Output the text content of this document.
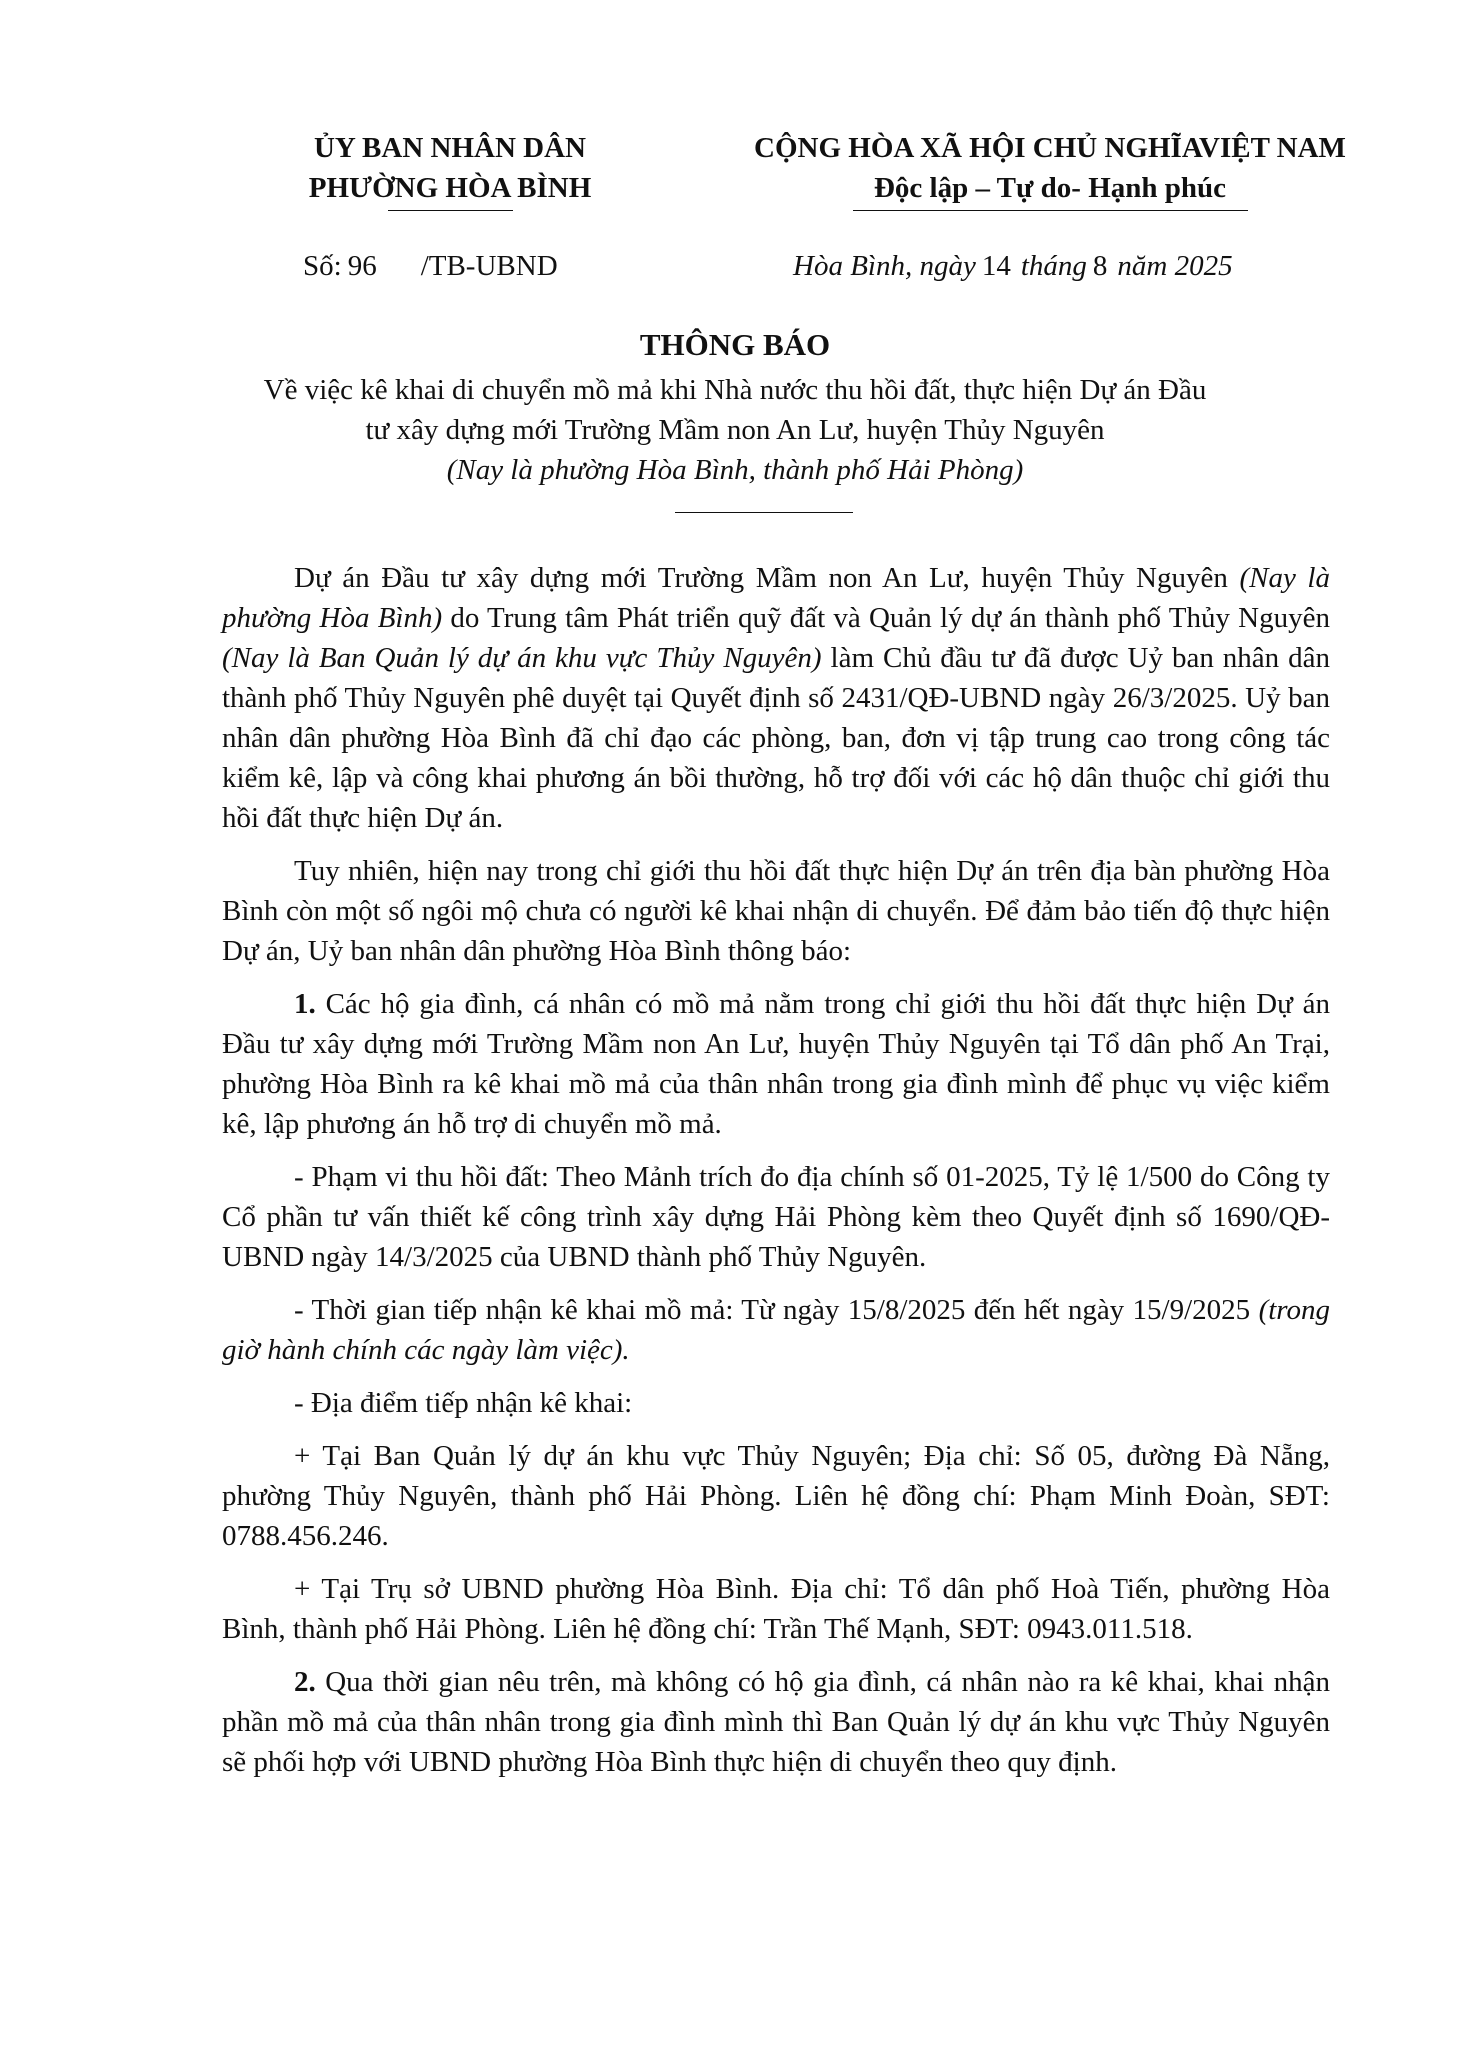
ỦY BAN NHÂN DÂN
PHƯỜNG HÒA BÌNH
CỘNG HÒA XÃ HỘI CHỦ NGHĨAVIỆT NAM
Độc lập – Tự do- Hạnh phúc
Số: 96 /TB-UBND	Hòa Bình, ngày 14 tháng 8 năm 2025
THÔNG BÁO
Về việc kê khai di chuyển mồ mả khi Nhà nước thu hồi đất, thực hiện Dự án Đầu
tư xây dựng mới Trường Mầm non An Lư, huyện Thủy Nguyên
(Nay là phường Hòa Bình, thành phố Hải Phòng)

Dự án Đầu tư xây dựng mới Trường Mầm non An Lư, huyện Thủy Nguyên (Nay là phường Hòa Bình) do Trung tâm Phát triển quỹ đất và Quản lý dự án thành phố Thủy Nguyên (Nay là Ban Quản lý dự án khu vực Thủy Nguyên) làm Chủ đầu tư đã được Uỷ ban nhân dân thành phố Thủy Nguyên phê duyệt tại Quyết định số 2431/QĐ-UBND ngày 26/3/2025. Uỷ ban nhân dân phường Hòa Bình đã chỉ đạo các phòng, ban, đơn vị tập trung cao trong công tác kiểm kê, lập và công khai phương án bồi thường, hỗ trợ đối với các hộ dân thuộc chỉ giới thu hồi đất thực hiện Dự án.

Tuy nhiên, hiện nay trong chỉ giới thu hồi đất thực hiện Dự án trên địa bàn phường Hòa Bình còn một số ngôi mộ chưa có người kê khai nhận di chuyển. Để đảm bảo tiến độ thực hiện Dự án, Uỷ ban nhân dân phường Hòa Bình thông báo:

1. Các hộ gia đình, cá nhân có mồ mả nằm trong chỉ giới thu hồi đất thực hiện Dự án Đầu tư xây dựng mới Trường Mầm non An Lư, huyện Thủy Nguyên tại Tổ dân phố An Trại, phường Hòa Bình ra kê khai mồ mả của thân nhân trong gia đình mình để phục vụ việc kiểm kê, lập phương án hỗ trợ di chuyển mồ mả.

- Phạm vi thu hồi đất: Theo Mảnh trích đo địa chính số 01-2025, Tỷ lệ 1/500 do Công ty Cổ phần tư vấn thiết kế công trình xây dựng Hải Phòng kèm theo Quyết định số 1690/QĐ-UBND ngày 14/3/2025 của UBND thành phố Thủy Nguyên.

- Thời gian tiếp nhận kê khai mồ mả: Từ ngày 15/8/2025 đến hết ngày 15/9/2025 (trong giờ hành chính các ngày làm việc).

- Địa điểm tiếp nhận kê khai:

+ Tại Ban Quản lý dự án khu vực Thủy Nguyên; Địa chỉ: Số 05, đường Đà Nẵng, phường Thủy Nguyên, thành phố Hải Phòng. Liên hệ đồng chí: Phạm Minh Đoàn, SĐT: 0788.456.246.

+ Tại Trụ sở UBND phường Hòa Bình. Địa chỉ: Tổ dân phố Hoà Tiến, phường Hòa Bình, thành phố Hải Phòng. Liên hệ đồng chí: Trần Thế Mạnh, SĐT: 0943.011.518.

2. Qua thời gian nêu trên, mà không có hộ gia đình, cá nhân nào ra kê khai, khai nhận phần mồ mả của thân nhân trong gia đình mình thì Ban Quản lý dự án khu vực Thủy Nguyên sẽ phối hợp với UBND phường Hòa Bình thực hiện di chuyển theo quy định.
